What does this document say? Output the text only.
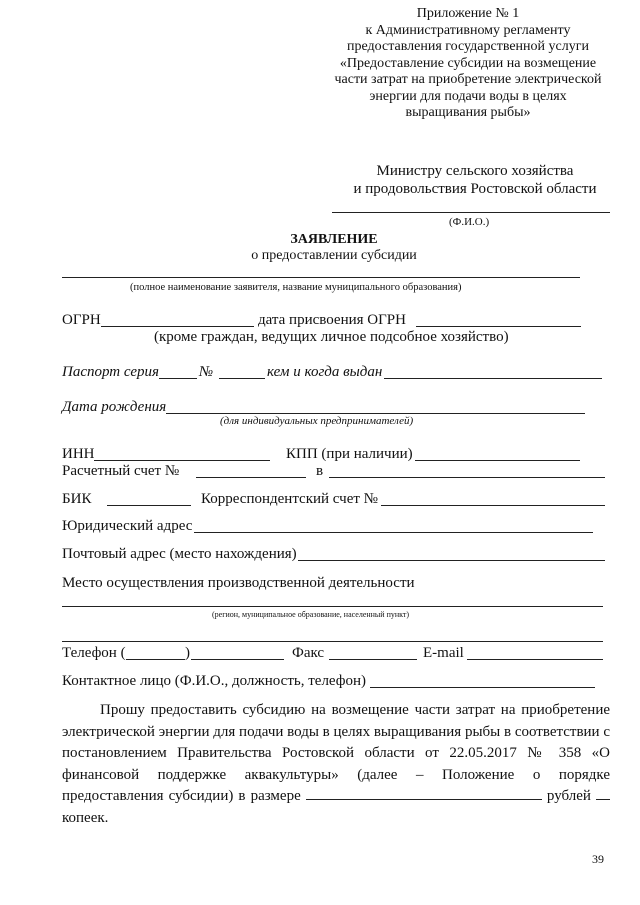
Приложение № 1
к Административному регламенту
предоставления государственной услуги
«Предоставление субсидии на возмещение
части затрат на приобретение электрической
энергии для подачи воды в целях
выращивания рыбы»
Министру сельского хозяйства
и продовольствия Ростовской области
(Ф.И.О.)
ЗАЯВЛЕНИЕ
о предоставлении субсидии
(полное наименование заявителя, название муниципального образования)
ОГРН	дата присвоения ОГРН
(кроме граждан, ведущих личное подсобное хозяйство)
Паспорт серия	№	кем и когда выдан
Дата рождения
(для индивидуальных предпринимателей)
ИНН	КПП (при наличии)
Расчетный счет №	в
БИК	Корреспондентский счет №
Юридический адрес
Почтовый адрес (место нахождения)
Место осуществления производственной деятельности
(регион, муниципальное образование, населенный пункт)
Телефон (	)	Факс	E-mail
Контактное лицо (Ф.И.О., должность, телефон)
Прошу предоставить субсидию на возмещение части затрат на приобретение электрической энергии для подачи воды в целях выращивания рыбы в соответствии с постановлением Правительства Ростовской области от 22.05.2017 № 358 «О финансовой поддержке аквакультуры» (далее – Положение о порядке предоставления субсидии) в размере	рублей  копеек.
39
